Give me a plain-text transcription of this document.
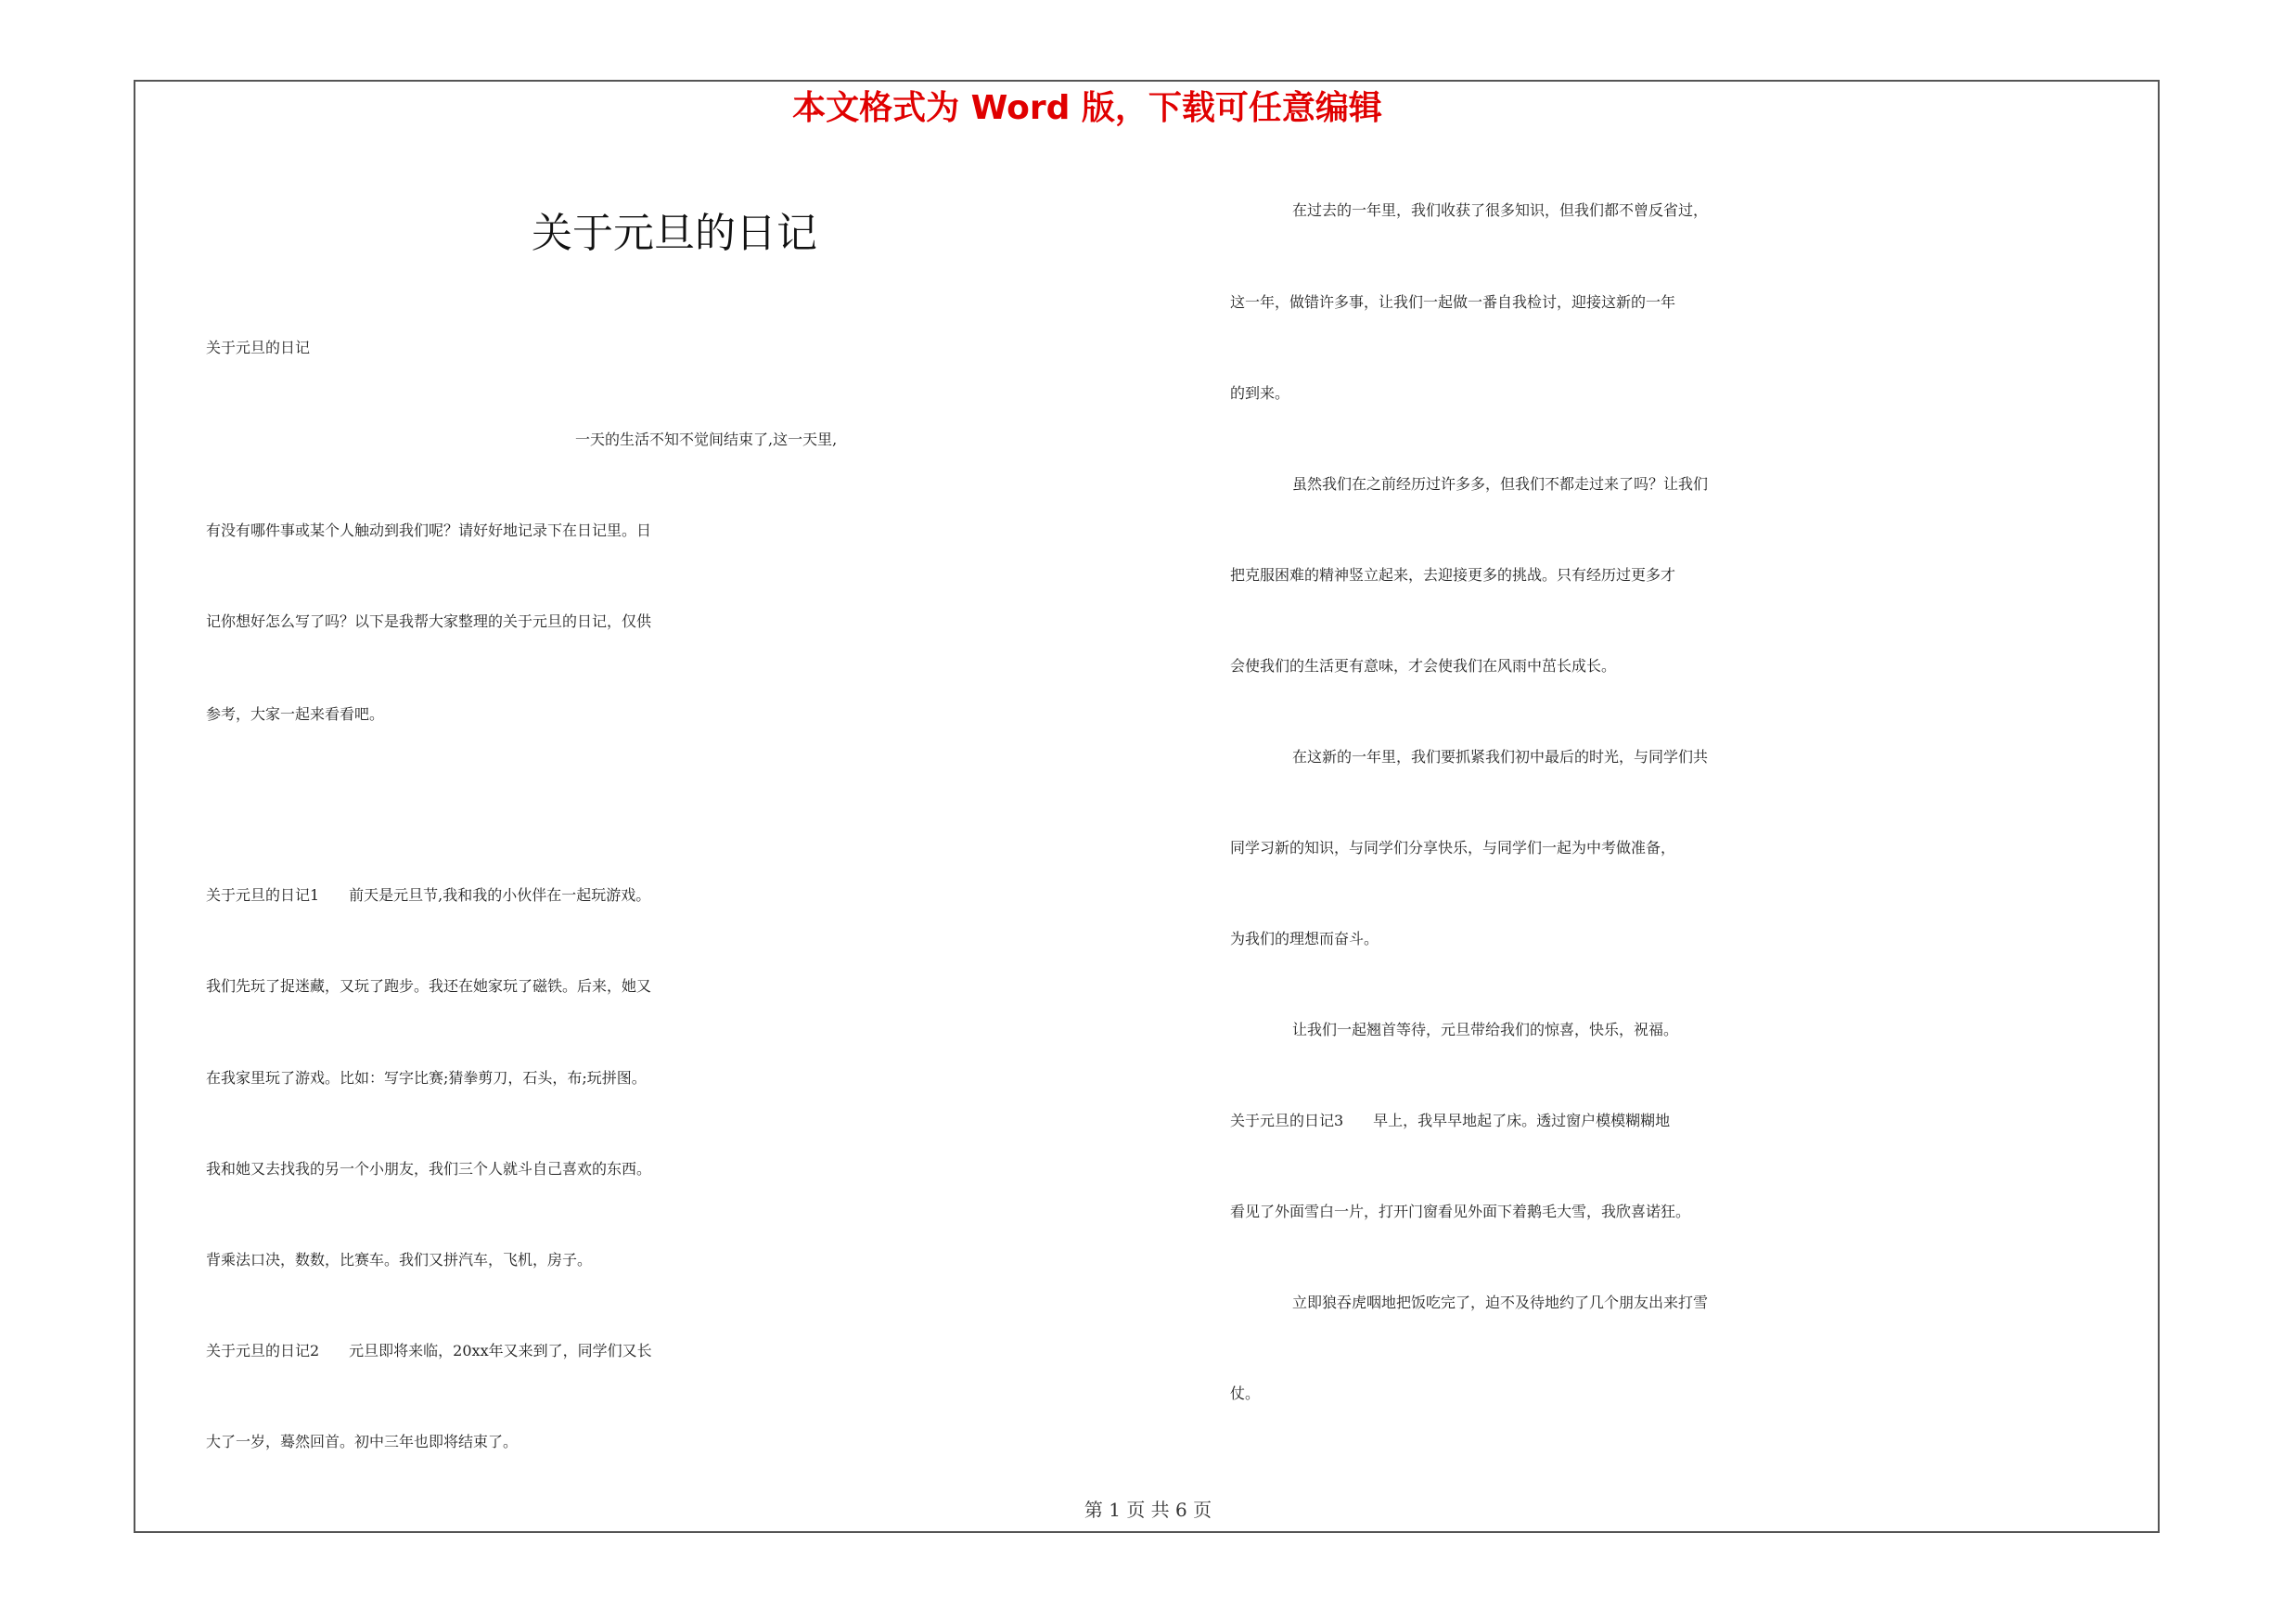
本文格式为 Word 版，下载可任意编辑
关于元旦的日记
关于元旦的日记
一天的生活不知不觉间结束了,这一天里,
有没有哪件事或某个人触动到我们呢？请好好地记录下在日记里。日
记你想好怎么写了吗？以下是我帮大家整理的关于元旦的日记，仅供
参考，大家一起来看看吧。
关于元旦的日记1　　前天是元旦节,我和我的小伙伴在一起玩游戏。
我们先玩了捉迷藏，又玩了跑步。我还在她家玩了磁铁。后来，她又
在我家里玩了游戏。比如：写字比赛;猜拳剪刀，石头，布;玩拼图。
我和她又去找我的另一个小朋友，我们三个人就斗自己喜欢的东西。
背乘法口决，数数，比赛车。我们又拼汽车，飞机，房子。
关于元旦的日记2　　元旦即将来临，20xx年又来到了，同学们又长
大了一岁，蓦然回首。初中三年也即将结束了。
在过去的一年里，我们收获了很多知识，但我们都不曾反省过，
这一年，做错许多事，让我们一起做一番自我检讨，迎接这新的一年
的到来。
虽然我们在之前经历过许多多，但我们不都走过来了吗？让我们
把克服困难的精神竖立起来，去迎接更多的挑战。只有经历过更多才
会使我们的生活更有意味，才会使我们在风雨中茁长成长。
在这新的一年里，我们要抓紧我们初中最后的时光，与同学们共
同学习新的知识，与同学们分享快乐，与同学们一起为中考做准备，
为我们的理想而奋斗。
让我们一起翘首等待，元旦带给我们的惊喜，快乐，祝福。
关于元旦的日记3　　早上，我早早地起了床。透过窗户模模糊糊地
看见了外面雪白一片，打开门窗看见外面下着鹅毛大雪，我欣喜诺狂。
立即狼吞虎咽地把饭吃完了，迫不及待地约了几个朋友出来打雪
仗。
第 1 页 共 6 页
